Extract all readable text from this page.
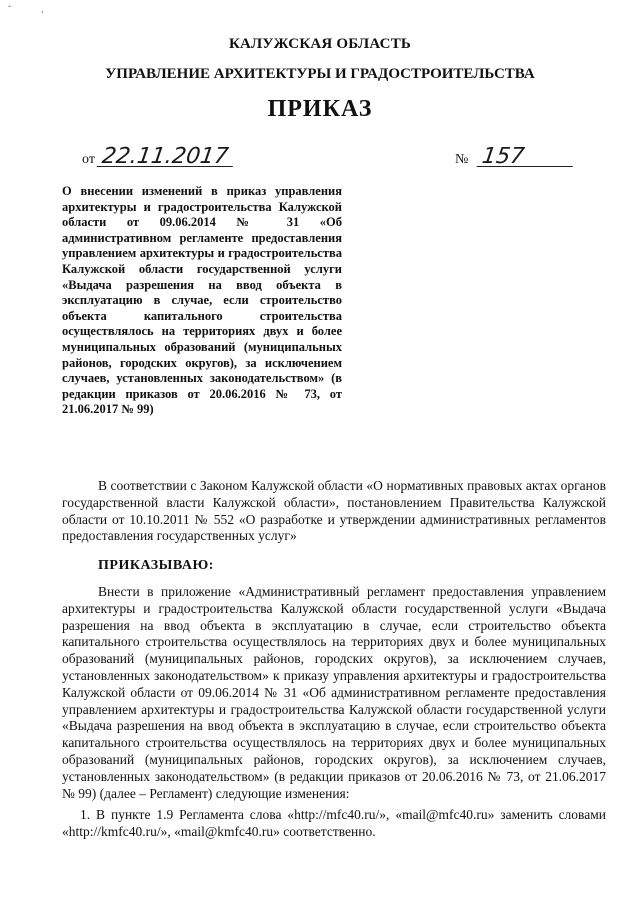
ˇ ,
КАЛУЖСКАЯ ОБЛАСТЬ
УПРАВЛЕНИЕ АРХИТЕКТУРЫ И ГРАДОСТРОИТЕЛЬСТВА
ПРИКАЗ
от 22.11.2017	№ 157
О внесении изменений в приказ управления архитектуры и градостроительства Калужской области от 09.06.2014 № 31 «Об административном регламенте предоставления управлением архитектуры и градостроительства Калужской области государственной услуги «Выдача разрешения на ввод объекта в эксплуатацию в случае, если строительство объекта капитального строительства осуществлялось на территориях двух и более муниципальных образований (муниципальных районов, городских округов), за исключением случаев, установленных законодательством» (в редакции приказов от 20.06.2016 № 73, от 21.06.2017 № 99)
В соответствии с Законом Калужской области «О нормативных правовых актах органов государственной власти Калужской области», постановлением Правительства Калужской области от 10.10.2011 № 552 «О разработке и утверждении административных регламентов предоставления государственных услуг»
ПРИКАЗЫВАЮ:
Внести в приложение «Административный регламент предоставления управлением архитектуры и градостроительства Калужской области государственной услуги «Выдача разрешения на ввод объекта в эксплуатацию в случае, если строительство объекта капитального строительства осуществлялось на территориях двух и более муниципальных образований (муниципальных районов, городских округов), за исключением случаев, установленных законодательством» к приказу управления архитектуры и градостроительства Калужской области от 09.06.2014 № 31 «Об административном регламенте предоставления управлением архитектуры и градостроительства Калужской области государственной услуги «Выдача разрешения на ввод объекта в эксплуатацию в случае, если строительство объекта капитального строительства осуществлялось на территориях двух и более муниципальных образований (муниципальных районов, городских округов), за исключением случаев, установленных законодательством» (в редакции приказов от 20.06.2016 № 73, от 21.06.2017 № 99) (далее – Регламент) следующие изменения:
1. В пункте 1.9 Регламента слова «http://mfc40.ru/», «mail@mfc40.ru» заменить словами «http://kmfc40.ru/», «mail@kmfc40.ru» соответственно.
